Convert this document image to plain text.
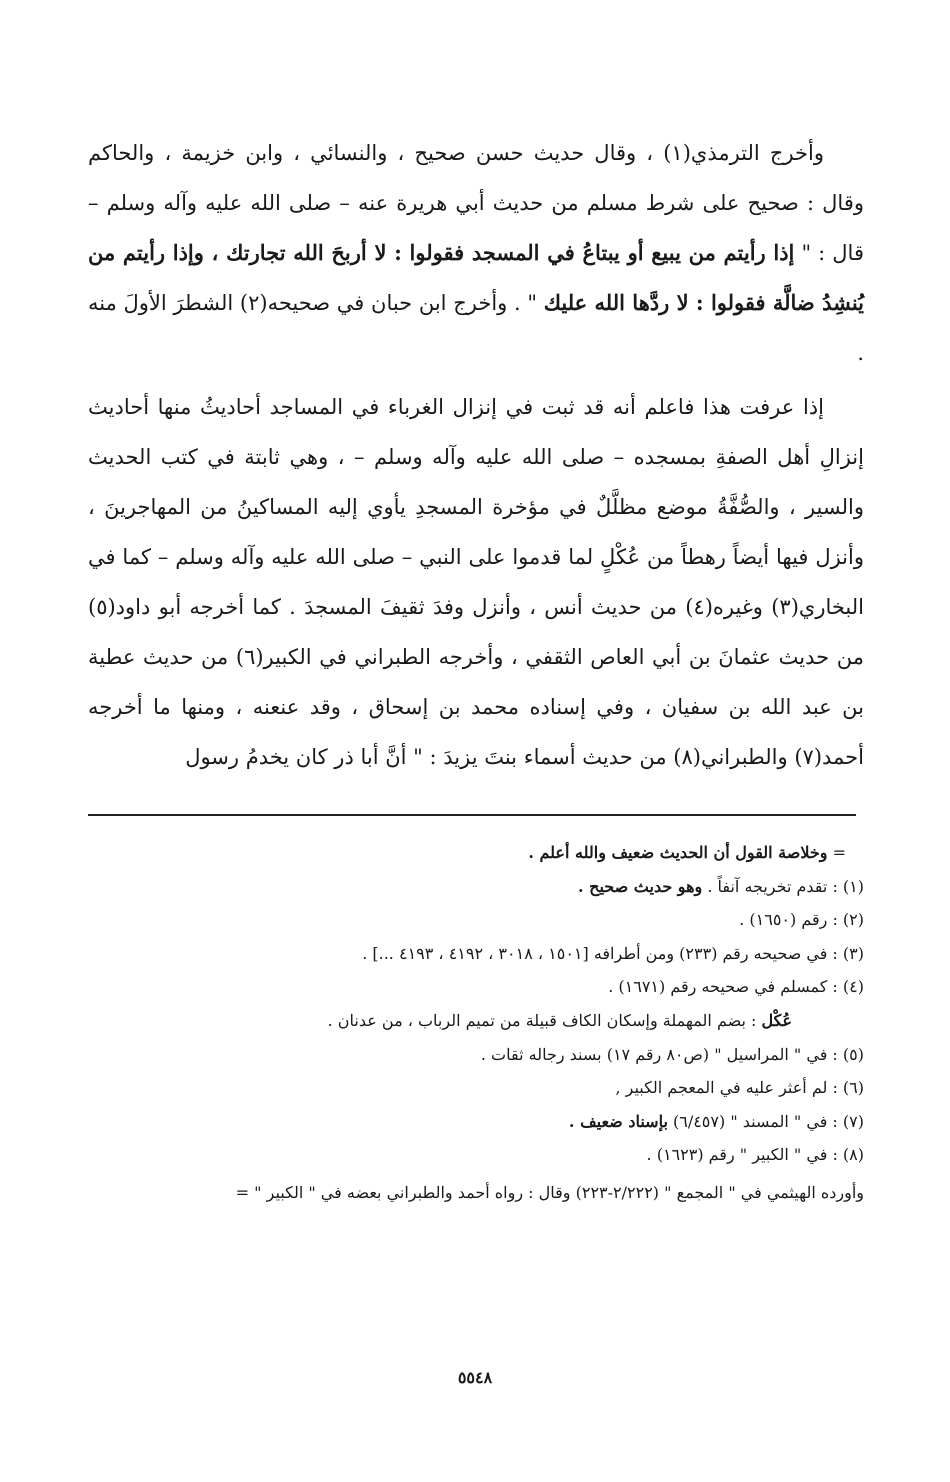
وأخرج الترمذي(١) ، وقال حديث حسن صحيح ، والنسائي ، وابن خزيمة ، والحاكم وقال : صحيح على شرط مسلم من حديث أبي هريرة عنه – صلى الله عليه وآله وسلم – قال : " إذا رأيتم من يبيع أو يبتاعُ في المسجد فقولوا : لا أربحَ الله تجارتك ، وإذا رأيتم من يُنشِدُ ضالَّة فقولوا : لا ردَّها الله عليك " . وأخرج ابن حبان في صحيحه(٢) الشطرَ الأولَ منه .

إذا عرفت هذا فاعلم أنه قد ثبت في إنزال الغرباء في المساجد أحاديثُ منها أحاديث إنزالِ أهل الصفةِ بمسجده – صلى الله عليه وآله وسلم – ، وهي ثابتة في كتب الحديث والسير ، والصُّفَّةُ موضع مظلَّلٌ في مؤخرة المسجدِ يأوي إليه المساكينُ من المهاجرينَ ، وأنزل فيها أيضاً رهطاً من عُكْلٍ لما قدموا على النبي – صلى الله عليه وآله وسلم – كما في البخاري(٣) وغيره(٤) من حديث أنس ، وأنزل وفدَ ثقيفَ المسجدَ . كما أخرجه أبو داود(٥) من حديث عثمانَ بن أبي العاص الثقفي ، وأخرجه الطبراني في الكبير(٦) من حديث عطية بن عبد الله بن سفيان ، وفي إسناده محمد بن إسحاق ، وقد عنعنه ، ومنها ما أخرجه أحمد(٧) والطبراني(٨) من حديث أسماء بنتَ يزيدَ : " أنَّ أبا ذر كان يخدمُ رسول

= وخلاصة القول أن الحديث ضعيف والله أعلم .

(١) : تقدم تخريجه آنفاً . وهو حديث صحيح .

(٢) : رقم (١٦٥٠) .

(٣) : في صحيحه رقم (٢٣٣) ومن أطرافه [١٥٠١ ، ٣٠١٨ ، ٤١٩٢ ، ٤١٩٣ ...] .

(٤) : كمسلم في صحيحه رقم (١٦٧١) .

عُكْل : بضم المهملة وإسكان الكاف قبيلة من تميم الرباب ، من عدنان .

(٥) : في " المراسيل " (ص٨٠ رقم ١٧) بسند رجاله ثقات .

(٦) : لم أعثر عليه في المعجم الكبير ,

(٧) : في " المسند " (٦/٤٥٧) بإسناد ضعيف .

(٨) : في " الكبير " رقم (١٦٢٣) .

وأورده الهيثمي في " المجمع " (٢/٢٢٢-٢٢٣) وقال : رواه أحمد والطبراني بعضه في " الكبير " =

٥٥٤٨
